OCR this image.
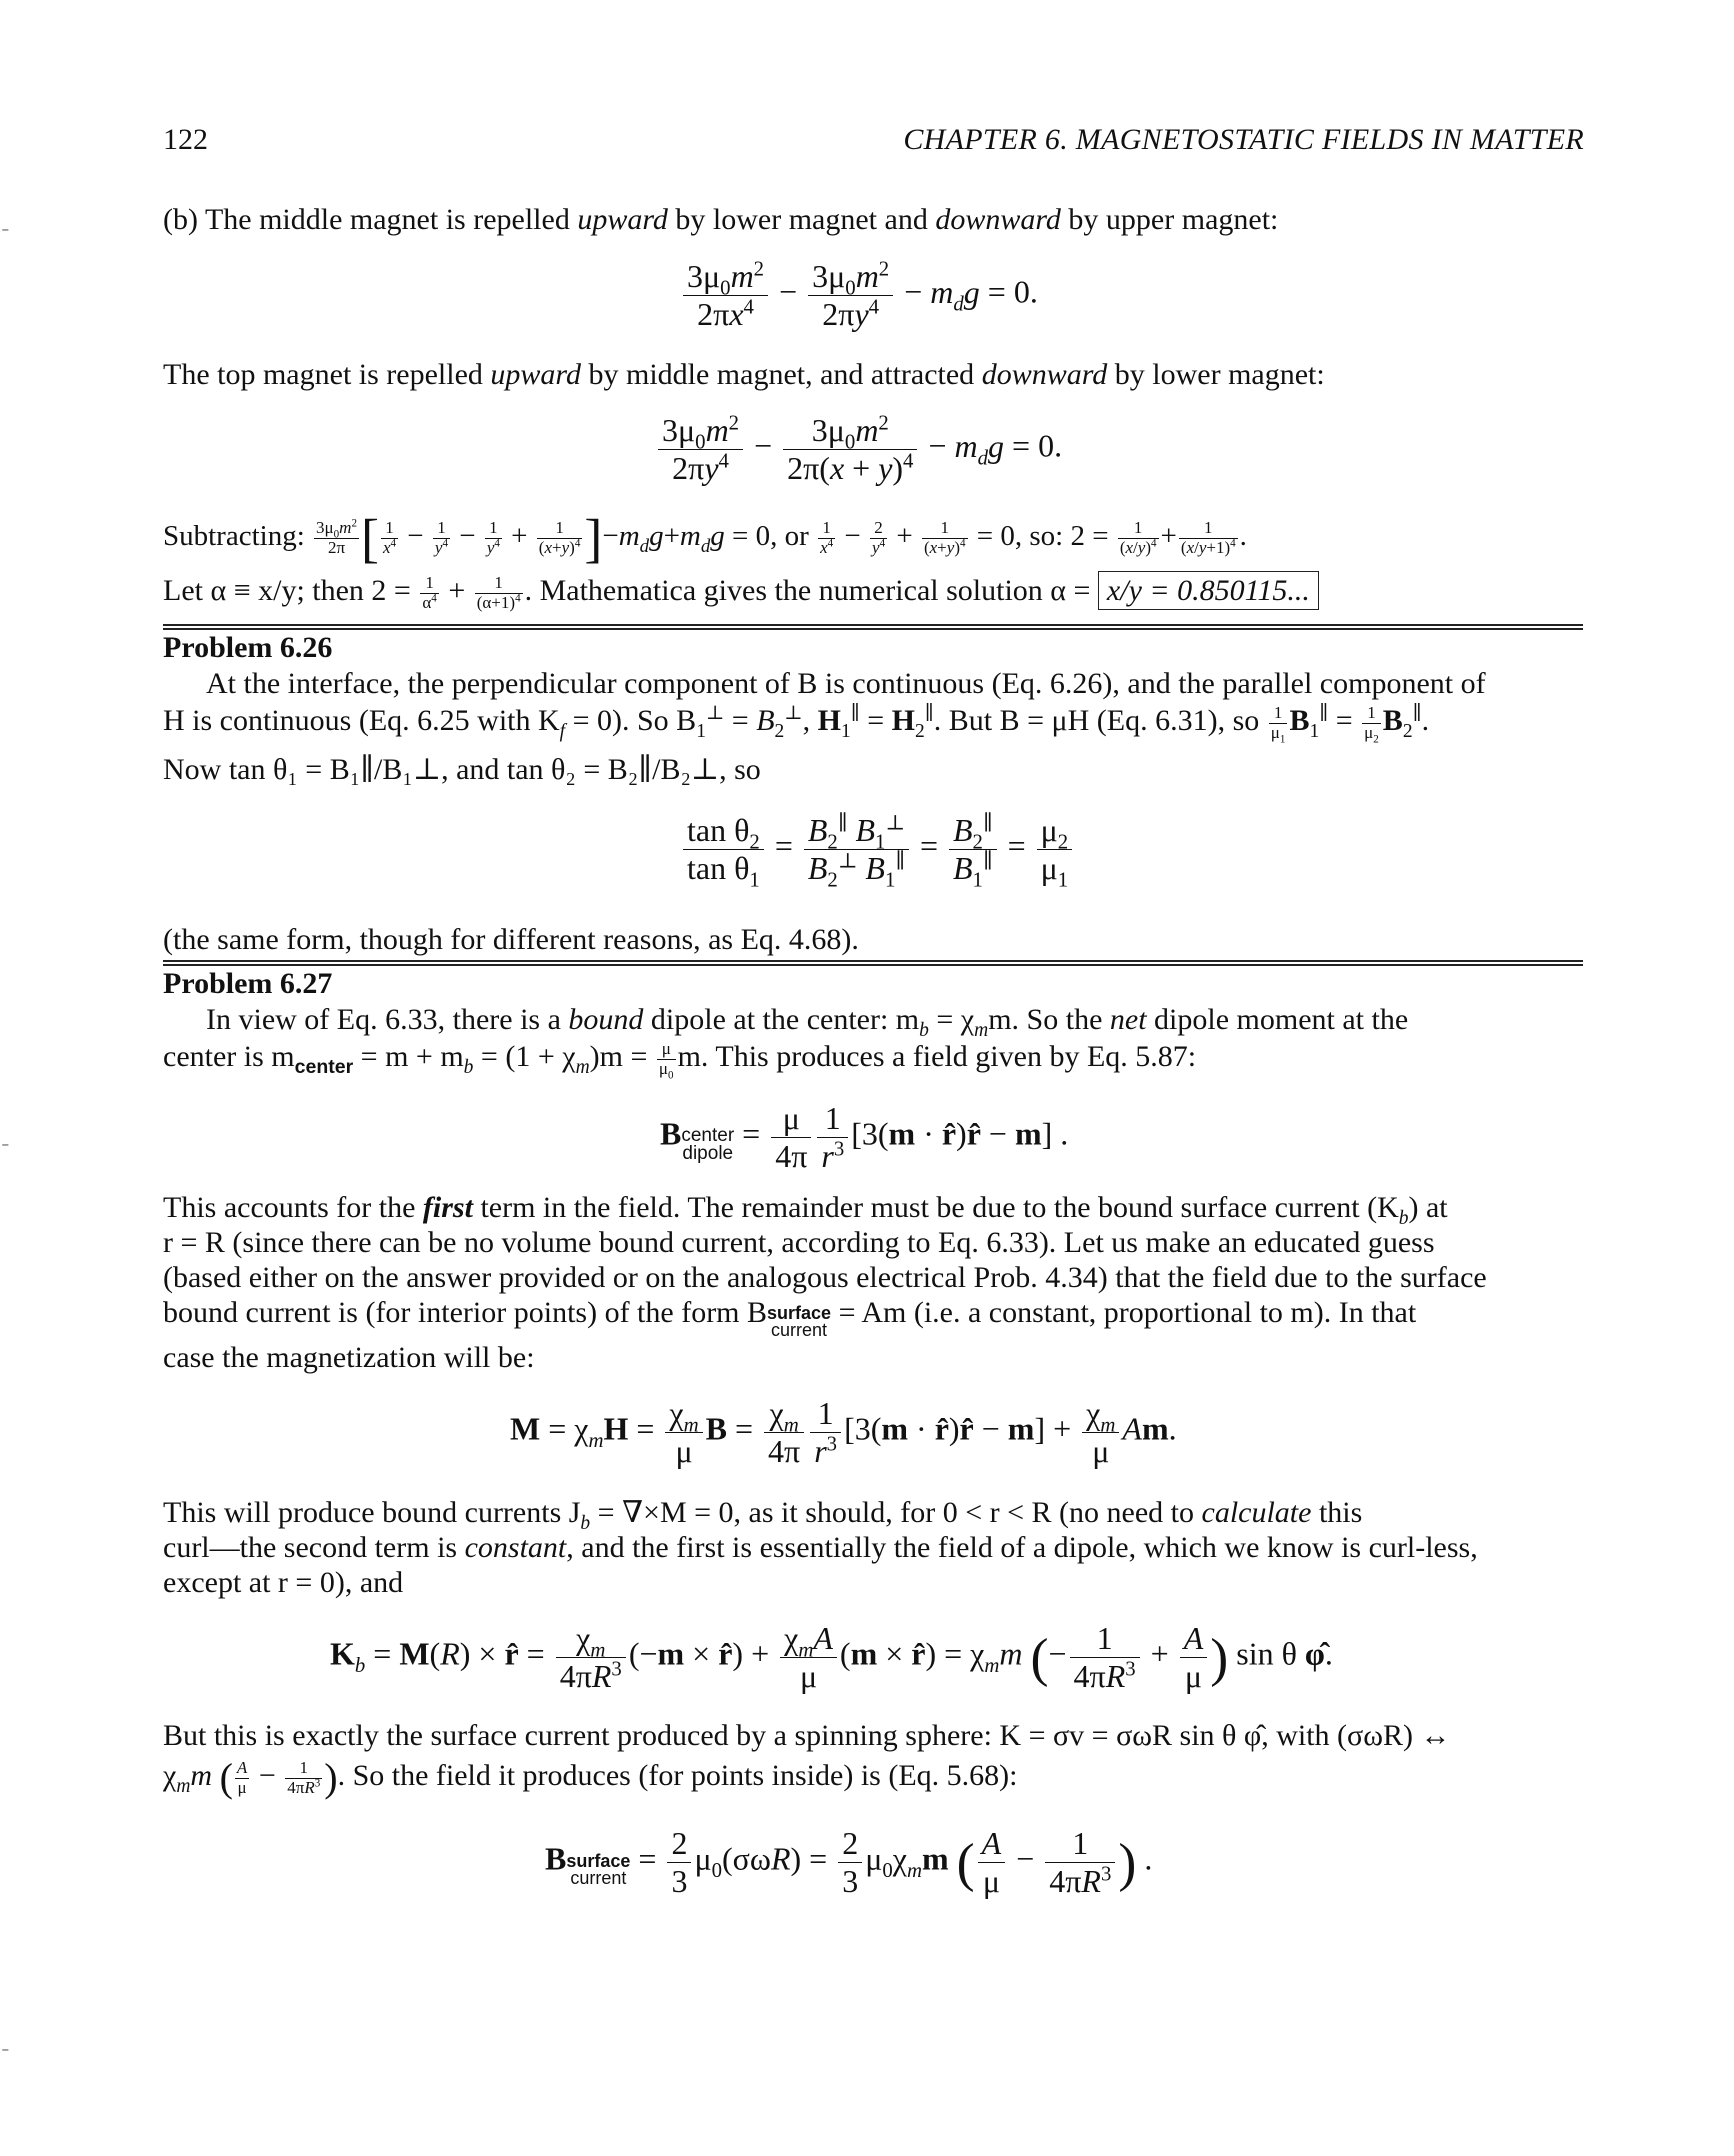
122	CHAPTER 6. MAGNETOSTATIC FIELDS IN MATTER
(b) The middle magnet is repelled upward by lower magnet and downward by upper magnet:
$\frac{3\mu_0m^2}{2\pi x^4} - \frac{3\mu_0m^2}{2\pi y^4} - m_dg = 0$.
The top magnet is repelled upward by middle magnet, and attracted downward by lower magnet:
$\frac{3\mu_0m^2}{2\pi y^4} - \frac{3\mu_0m^2}{2\pi(x + y)^4} - m_dg = 0$.
Subtracting: $\frac{3\mu_0m^2}{2\pi}$ [ $\frac{1}{x^4} - \frac{1}{y^4} - \frac{1}{y^4} + \frac{1}{(x+y)^4} ]-m_dg+m_dg = 0$, or $\frac{1}{x^4} - \frac{2}{y^4} + \frac{1}{(x+y)^4} = 0$, so: $2 = \frac{1}{(x/y)^4} + \frac{1}{(x/y+1)^4}$ .
Let α ≡ x/y; then $2 = \frac{1}{\alpha^4} + \frac{1}{(\alpha+1)^4}$ . Mathematica gives the numerical solution α = x/y = 0.850115...
Problem 6.26
At the interface, the perpendicular component of B is continuous (Eq. 6.26), and the parallel component of
H is continuous (Eq. 6.25 with $K_f = 0$). So $B_1^\perp = B_2^\perp$, $H_1^\parallel = H_2^\parallel$. But B = μH (Eq. 6.31), so $\frac{1}{\mu_1} B_1^\parallel = \frac{1}{\mu_2} B_2^\parallel$.
Now tan θ₁ = B₁∥/B₁⊥, and tan θ₂ = B₂∥/B₂⊥, so
$\frac{\tan \theta_2}{\tan \theta_1} = \frac{B_2^\parallel B_1^\perp}{B_2^\perp B_1^\parallel} = \frac{B_2^\parallel}{B_1^\parallel} = \frac{\mu_2}{\mu_1}$
(the same form, though for different reasons, as Eq. 4.68).
Problem 6.27
In view of Eq. 6.33, there is a bound dipole at the center: $m_b = \chi_mm$. So the net dipole moment at the
center is $m_{center} = m + m_b = (1 + \chi_m)m = \frac{\mu}{\mu_0} m$. This produces a field given by Eq. 5.87:
B center
dipole
= $\frac{\mu}{4\pi} \frac{1}{r^3} [3(m$ · r̂)r̂ − m] .
This accounts for the first term in the field. The remainder must be due to the bound surface current $(K_b)$ at
r = R (since there can be no volume bound current, according to Eq. 6.33). Let us make an educated guess
(based either on the answer provided or on the analogous electrical Prob. 4.34) that the field due to the surface
bound current is (for interior points) of the form B surface
current
= Am (i.e. a constant, proportional to m). In that
case the magnetization will be:
$M = \chi_mH = \frac{\chi_m}{\mu}$ $B = \frac{\chi_m}{4\pi} \frac{1}{r^3} [3(m$ · r̂)r̂ − $m] + \frac{\chi_m}{\mu} Am$.
This will produce bound currents $J_b = \nabla\times M = 0$, as it should, for 0 < r < R (no need to calculate this
curl—the second term is constant, and the first is essentially the field of a dipole, which we know is curl-less,
except at r = 0), and
$K_b = M(R)$ × r̂ = $\frac{\chi_m}{4\pi R^3} (-m$ × r̂) + $\frac{\chi_mA}{\mu} (m$ × r̂) = $\chi_mm$ (− $\frac{1}{4\pi R^3} + \frac{A}{\mu}$ ) sin θ φ̂.
But this is exactly the surface current produced by a spinning sphere: K = σv = σωR sin θ φ̂, with (σωR) ↔
$\chi_mm$ ( $\frac{A}{\mu} - \frac{1}{4\pi R^3}$ ). So the field it produces (for points inside) is (Eq. 5.68):
B surface
current
= $\frac{2}{3} \mu_0(\sigma\omega R) = \frac{2}{3} \mu_0\chi_mm$ ( $\frac{A}{\mu} - \frac{1}{4\pi R^3}$ ) .
˗
˗
˗
